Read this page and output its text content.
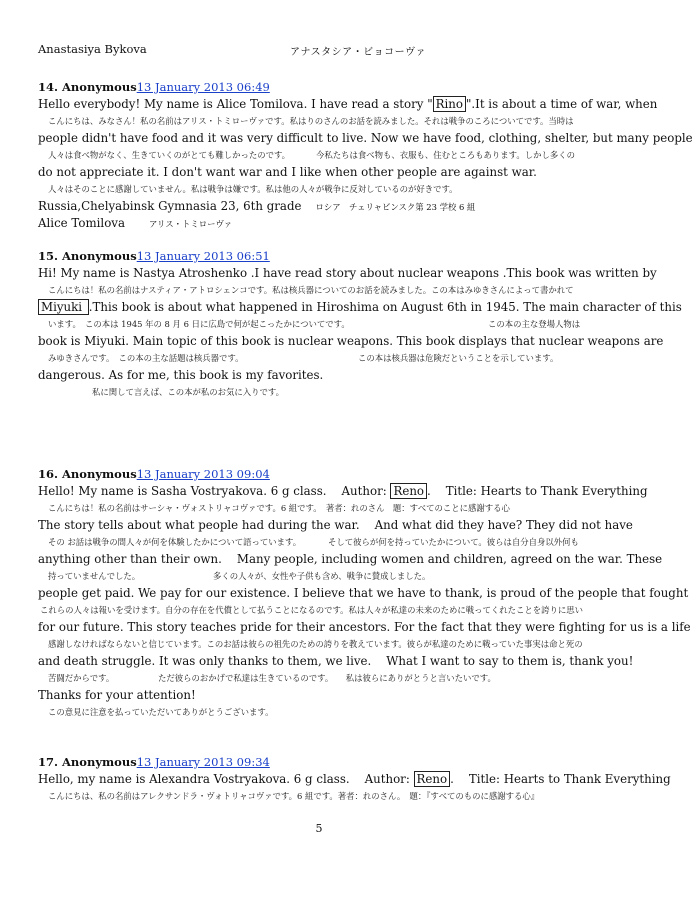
Anastasiya Bykova	アナスタシア・ビョコーヴァ
14. Anonymous13 January 2013 06:49
Hello everybody! My name is Alice Tomilova. I have read a story " Rino ".It is about a time of war, when
こんにちは、みなさん！私の名前はアリス・トミローヴァです。私はりのさんのお話を読みました。それは戦争のころについてです。当時は
people didn't have food and it was very difficult to live. Now we have food, clothing, shelter, but many people
人々は食べ物がなく、生きていくのがとても難しかったのです。	今私たちは食べ物も、衣服も、住むところもあります。しかし多くの
do not appreciate it. I don't want war and I like when other people are against war.
人々はそのことに感謝していません。私は戦争は嫌です。私は他の人々が戦争に反対しているのが好きです。
Russia,Chelyabinsk Gymnasia 23, 6th grade ロシア　チェリャビンスク第 23 学校 6 組
Alice Tomilova	アリス・トミローヴァ
15. Anonymous13 January 2013 06:51
Hi! My name is Nastya Atroshenko .I have read story about nuclear weapons .This book was written by
こんにちは！私の名前はナスティア・アトロシェンコです。私は核兵器についてのお話を読みました。この本はみゆきさんによって書かれて
Miyuki .This book is about what happened in Hiroshima on August 6th in 1945. The main character of this
います。　この本は 1945 年の 8 月 6 日に広島で何が起こったかについてです。	この本の主な登場人物は
book is Miyuki. Main topic of this book is nuclear weapons. This book displays that nuclear weapons are
みゆきさんです。　この本の主な話題は核兵器です。	この本は核兵器は危険だということを示しています。
dangerous. As for me, this book is my favorites.
私に関して言えば、この本が私のお気に入りです。
16. Anonymous13 January 2013 09:04
Hello! My name is Sasha Vostryakova. 6 g class.    Author: Reno .    Title: Hearts to Thank Everything
こんにちは！私の名前はサーシャ・ヴォストリャコヴァです。6 組です。　著者：れのさん　題：すべてのことに感謝する心
The story tells about what people had during the war.    And what did they have? They did not have
その お話は戦争の間人々が何を体験したかについて語っています。	そして彼らが何を持っていたかについて。彼らは自分自身以外何も
anything other than their own.    Many people, including women and children, agreed on the war. These
持っていませんでした。	多くの人々が、女性や子供も含め、戦争に賛成しました。
people get paid. We pay for our existence. I believe that we have to thank, is proud of the people that fought
これらの人々は報いを受けます。自分の存在を代償として払うことになるのです。私は人々が私達の未来のために戦ってくれたことを誇りに思い
for our future. This story teaches pride for their ancestors. For the fact that they were fighting for us is a life
感謝しなければならないと信じています。このお話は彼らの祖先のための誇りを教えています。彼らが私達のために戦っていた事実は命と死の
and death struggle. It was only thanks to them, we live.    What I want to say to them is, thank you!
苦闘だからです。	ただ彼らのおかげで私達は生きているのです。　　私は彼らにありがとうと言いたいです。
Thanks for your attention!
この意見に注意を払っていただいてありがとうございます。
17. Anonymous13 January 2013 09:34
Hello, my name is Alexandra Vostryakova. 6 g class.    Author: Reno .    Title: Hearts to Thank Everything
こんにちは、私の名前はアレクサンドラ・ヴォトリャコヴァです。6 組です。著者：れのさん。　題：『すべてのものに感謝する心』
5
